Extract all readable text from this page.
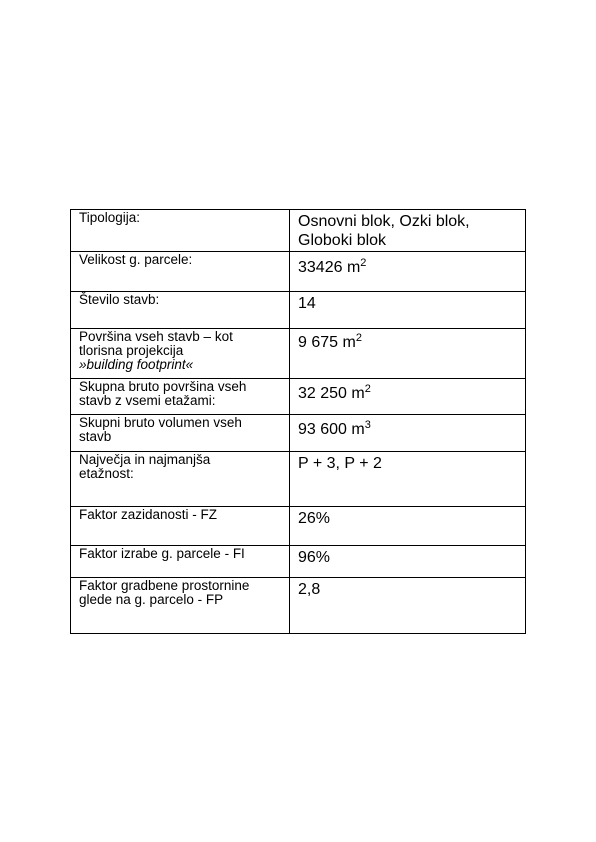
Tipologija:	Osnovni blok, Ozki blok,
Globoki blok

Velikost g. parcele:	33426 $m^2$

Število stavb:	14

Površina vseh stavb – kot
tlorisna projekcija
»building footprint«	9 675 $m^2$

Skupna bruto površina vseh
stavb z vsemi etažami:	32 250 $m^2$

Skupni bruto volumen vseh
stavb	93 600 $m^3$

Največja in najmanjša
etažnost:	P + 3, P + 2

Faktor zazidanosti - FZ	26%

Faktor izrabe g. parcele - FI	96%

Faktor gradbene prostornine
glede na g. parcelo - FP	2,8
